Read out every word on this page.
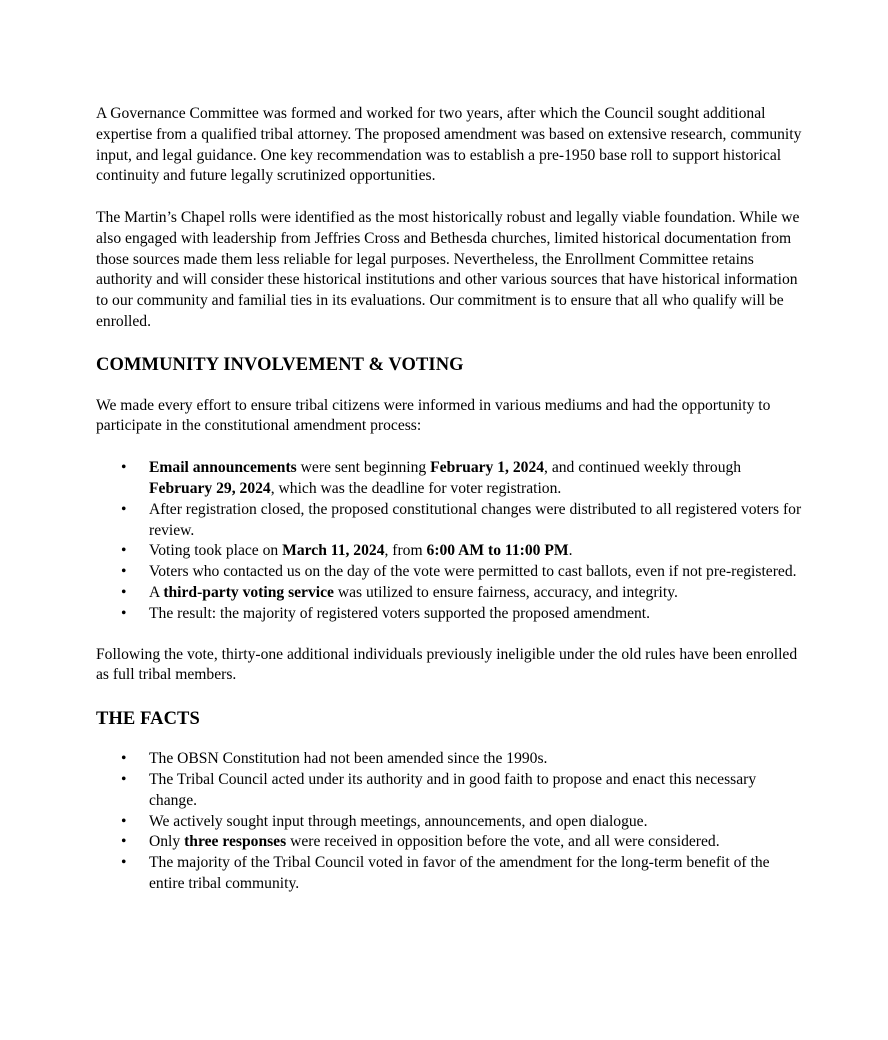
A Governance Committee was formed and worked for two years, after which the Council sought additional expertise from a qualified tribal attorney. The proposed amendment was based on extensive research, community input, and legal guidance. One key recommendation was to establish a pre-1950 base roll to support historical continuity and future legally scrutinized opportunities.

The Martin’s Chapel rolls were identified as the most historically robust and legally viable foundation. While we also engaged with leadership from Jeffries Cross and Bethesda churches, limited historical documentation from those sources made them less reliable for legal purposes. Nevertheless, the Enrollment Committee retains authority and will consider these historical institutions and other various sources that have historical information to our community and familial ties in its evaluations. Our commitment is to ensure that all who qualify will be enrolled.

COMMUNITY INVOLVEMENT & VOTING

We made every effort to ensure tribal citizens were informed in various mediums and had the opportunity to participate in the constitutional amendment process:

• Email announcements were sent beginning February 1, 2024, and continued weekly through February 29, 2024, which was the deadline for voter registration.
• After registration closed, the proposed constitutional changes were distributed to all registered voters for review.
• Voting took place on March 11, 2024, from 6:00 AM to 11:00 PM.
• Voters who contacted us on the day of the vote were permitted to cast ballots, even if not pre-registered.
• A third-party voting service was utilized to ensure fairness, accuracy, and integrity.
• The result: the majority of registered voters supported the proposed amendment.

Following the vote, thirty-one additional individuals previously ineligible under the old rules have been enrolled as full tribal members.

THE FACTS
• The OBSN Constitution had not been amended since the 1990s.
• The Tribal Council acted under its authority and in good faith to propose and enact this necessary change.
• We actively sought input through meetings, announcements, and open dialogue.
• Only three responses were received in opposition before the vote, and all were considered.
• The majority of the Tribal Council voted in favor of the amendment for the long-term benefit of the entire tribal community.
